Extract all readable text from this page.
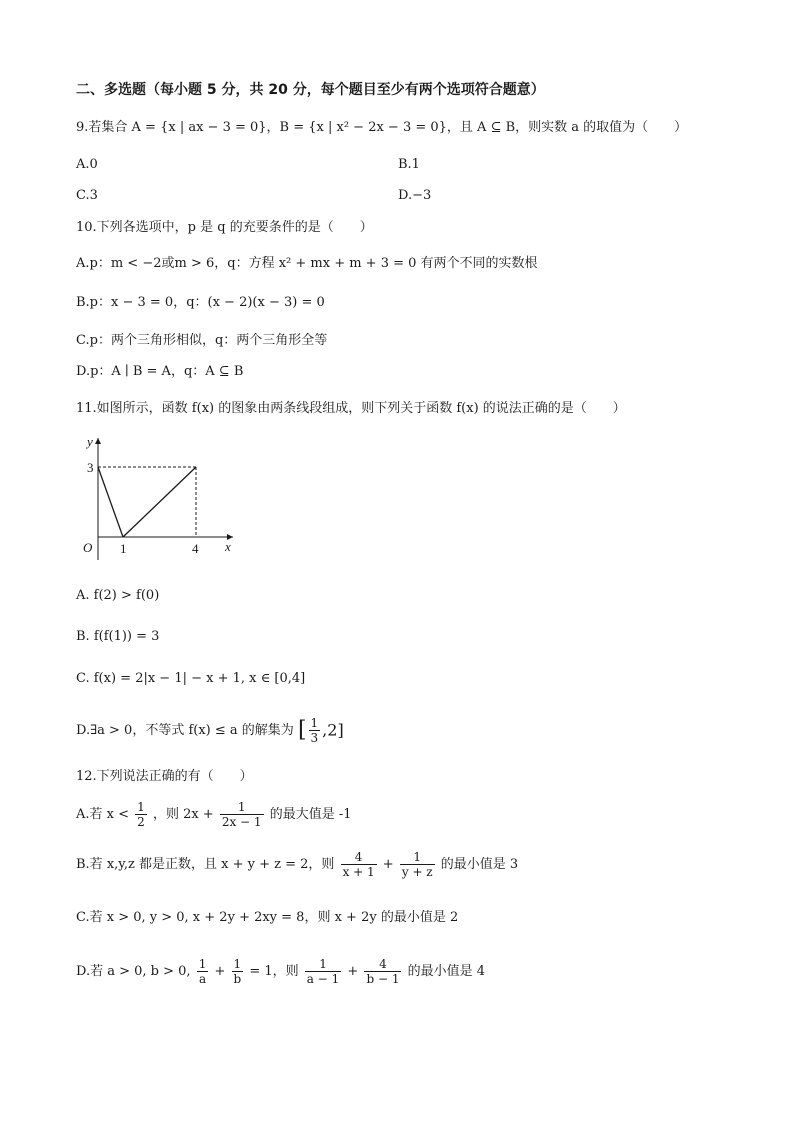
二、多选题（每小题 5 分，共 20 分，每个题目至少有两个选项符合题意）
9.若集合 A = {x | ax − 3 = 0}，B = {x | x² − 2x − 3 = 0}，且 A ⊆ B，则实数 a 的取值为（　　）
A.0	B.1
C.3	D.−3
10.下列各选项中，p 是 q 的充要条件的是（　　）
A.p：m < −2或m > 6，q：方程 x² + mx + m + 3 = 0 有两个不同的实数根
B.p：x − 3 = 0，q：(x − 2)(x − 3) = 0
C.p：两个三角形相似，q：两个三角形全等
D.p：A ∣ B = A，q：A ⊆ B
11.如图所示，函数 f(x) 的图象由两条线段组成，则下列关于函数 f(x) 的说法正确的是（　　）
y
x
O
3
1	4
A. f(2) > f(0)
B. f(f(1)) = 3
C. f(x) = 2|x − 1| − x + 1, x ∈ [0,4]
D.∃a > 0，不等式 f(x) ≤ a 的解集为 [ $\frac{1}{3} ,2$]
12.下列说法正确的有（　　）
A.若 $x < \frac{1}{2}$ ，则 $2x + \frac{1}{2x - 1}$ 的最大值是 -1
B.若 x,y,z 都是正数，且 x + y + z = 2，则 $\frac{4}{x + 1} + \frac{1}{y + z}$ 的最小值是 3
C.若 x > 0, y > 0, x + 2y + 2xy = 8，则 x + 2y 的最小值是 2
D.若 a > 0, b > 0, $\frac{1}{a} + \frac{1}{b} = 1$，则 $\frac{1}{a - 1} + \frac{4}{b - 1}$ 的最小值是 4
